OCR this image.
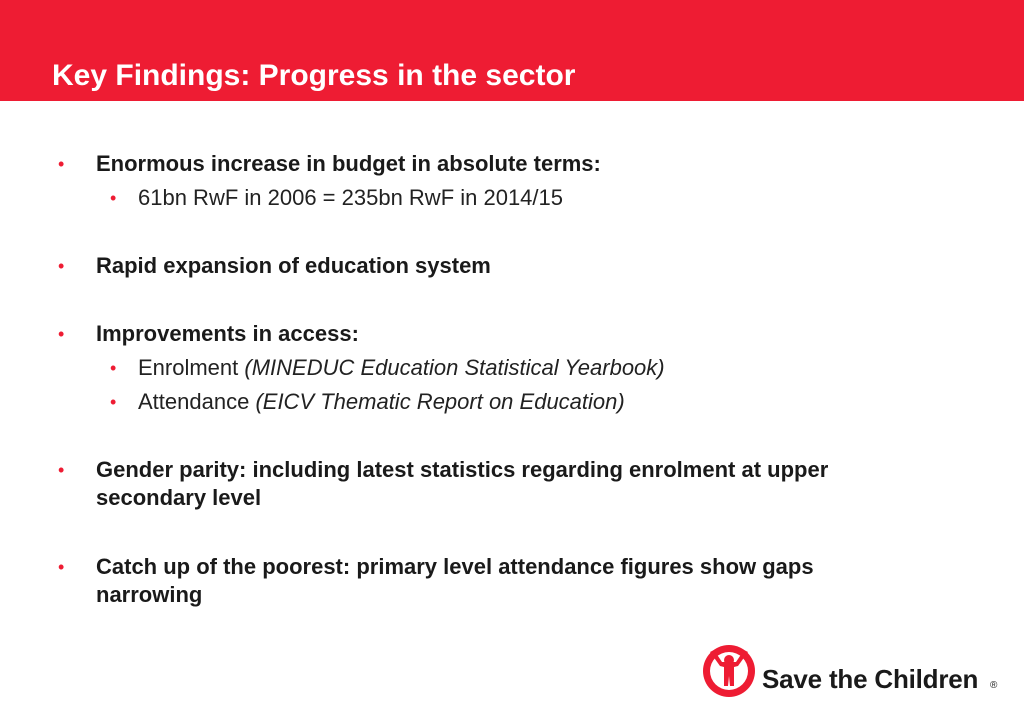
Key Findings: Progress in the sector
• Enormous increase in budget in absolute terms:
• 61bn RwF in 2006 = 235bn RwF in 2014/15
• Rapid expansion of education system
• Improvements in access:
• Enrolment (MINEDUC Education Statistical Yearbook)
• Attendance (EICV Thematic Report on Education)
• Gender parity: including latest statistics regarding enrolment at upper secondary level
• Catch up of the poorest: primary level attendance figures show gaps narrowing
Save the Children ®
